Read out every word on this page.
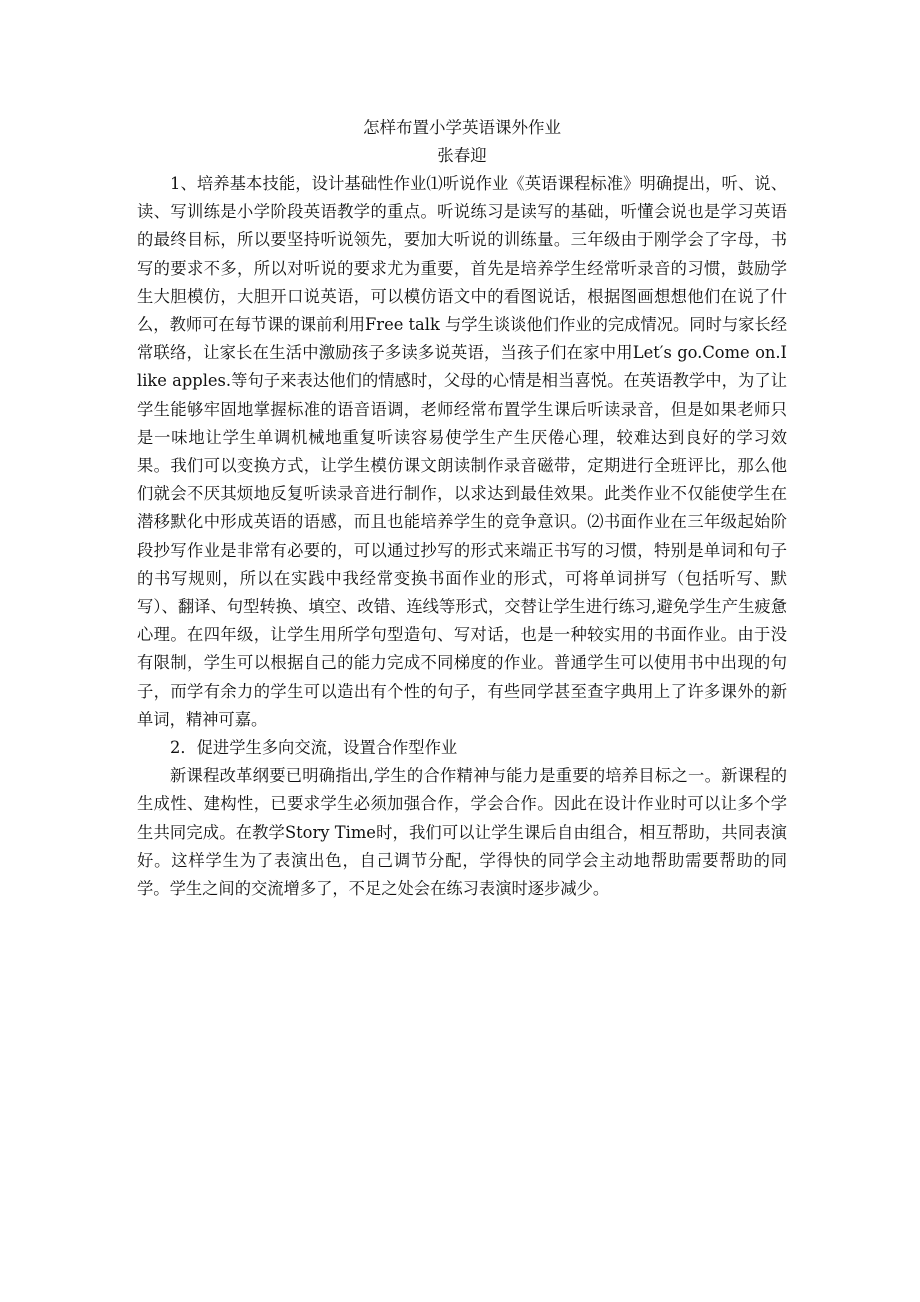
怎样布置小学英语课外作业

张春迎

1、培养基本技能，设计基础性作业⑴听说作业《英语课程标准》明确提出，听、说、读、写训练是小学阶段英语教学的重点。听说练习是读写的基础，听懂会说也是学习英语的最终目标，所以要坚持听说领先，要加大听说的训练量。三年级由于刚学会了字母，书写的要求不多，所以对听说的要求尤为重要，首先是培养学生经常听录音的习惯，鼓励学生大胆模仿，大胆开口说英语，可以模仿语文中的看图说话，根据图画想想他们在说了什么，教师可在每节课的课前利用Free talk 与学生谈谈他们作业的完成情况。同时与家长经常联络，让家长在生活中激励孩子多读多说英语，当孩子们在家中用Let′s go.Come on.I like apples.等句子来表达他们的情感时，父母的心情是相当喜悦。在英语教学中，为了让学生能够牢固地掌握标准的语音语调，老师经常布置学生课后听读录音，但是如果老师只是一味地让学生单调机械地重复听读容易使学生产生厌倦心理，较难达到良好的学习效果。我们可以变换方式，让学生模仿课文朗读制作录音磁带，定期进行全班评比，那么他们就会不厌其烦地反复听读录音进行制作，以求达到最佳效果。此类作业不仅能使学生在潜移默化中形成英语的语感，而且也能培养学生的竞争意识。⑵书面作业在三年级起始阶段抄写作业是非常有必要的，可以通过抄写的形式来端正书写的习惯，特别是单词和句子的书写规则，所以在实践中我经常变换书面作业的形式，可将单词拼写（包括听写、默写）、翻译、句型转换、填空、改错、连线等形式，交替让学生进行练习,避免学生产生疲惫心理。在四年级，让学生用所学句型造句、写对话，也是一种较实用的书面作业。由于没有限制，学生可以根据自己的能力完成不同梯度的作业。普通学生可以使用书中出现的句子，而学有余力的学生可以造出有个性的句子，有些同学甚至查字典用上了许多课外的新单词，精神可嘉。

2．促进学生多向交流，设置合作型作业

新课程改革纲要已明确指出,学生的合作精神与能力是重要的培养目标之一。新课程的生成性、建构性，已要求学生必须加强合作，学会合作。因此在设计作业时可以让多个学生共同完成。在教学Story Time时，我们可以让学生课后自由组合，相互帮助，共同表演好。这样学生为了表演出色，自己调节分配，学得快的同学会主动地帮助需要帮助的同学。学生之间的交流增多了，不足之处会在练习表演时逐步减少。
